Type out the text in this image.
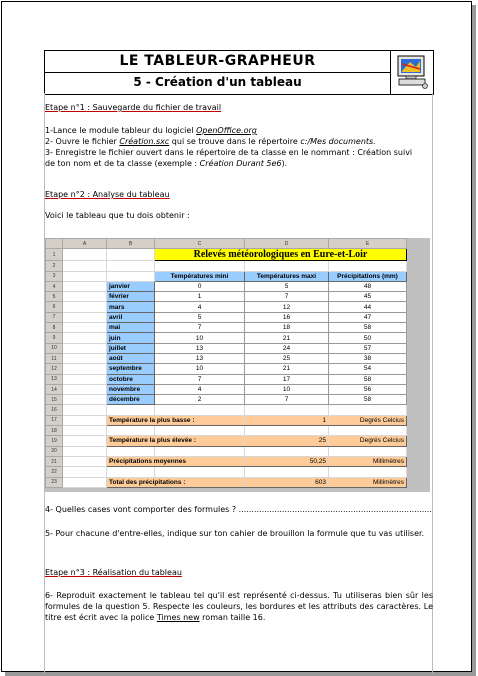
LE TABLEUR-GRAPHEUR
5 - Création d'un tableau
Etape n°1 : Sauvegarde du fichier de travail
1-Lance le module tableur du logiciel OpenOffice.org
2- Ouvre le fichier Création.sxc qui se trouve dans le répertoire c:/Mes documents.
3- Enregistre le fichier ouvert dans le répertoire de ta classe en le nommant : Création suivi
de ton nom et de ta classe (exemple : Création Durant 5e6).
Etape n°2 : Analyse du tableau
Voici le tableau que tu dois obtenir :
	A	B	C	D	E
1			Relevés météorologiques en Eure-et-Loir		
2					
3			Températures mini	Températures maxi	Précipitations (mm)
4		janvier	0	5	48
5		février	1	7	45
6		mars	4	12	44
7		avril	5	16	47
8		mai	7	18	58
9		juin	10	21	50
10		juillet	13	24	57
11		août	13	25	38
12		septembre	10	21	54
13		octobre	7	17	58
14		novembre	4	10	56
15		décembre	2	7	58
16					
17		Température la plus basse :		1	Degrés Celcius
18					
19		Température la plus élevée :		25	Degrés Celcius
20					
21		Précipitations moyennes		50,25	Millimètres
22					
23		Total des précipitations :		603	Millimètres
4- Quelles cases vont comporter des formules ? ............................................................................
5- Pour chacune d'entre-elles, indique sur ton cahier de brouillon la formule que tu vas utiliser.
Etape n°3 : Réalisation du tableau
6- Reproduit exactement le tableau tel qu'il est représenté ci-dessus. Tu utiliseras bien sûr les formules de la question 5. Respecte les couleurs, les bordures et les attributs des caractères. Le titre est écrit avec la police Times new roman taille 16.
